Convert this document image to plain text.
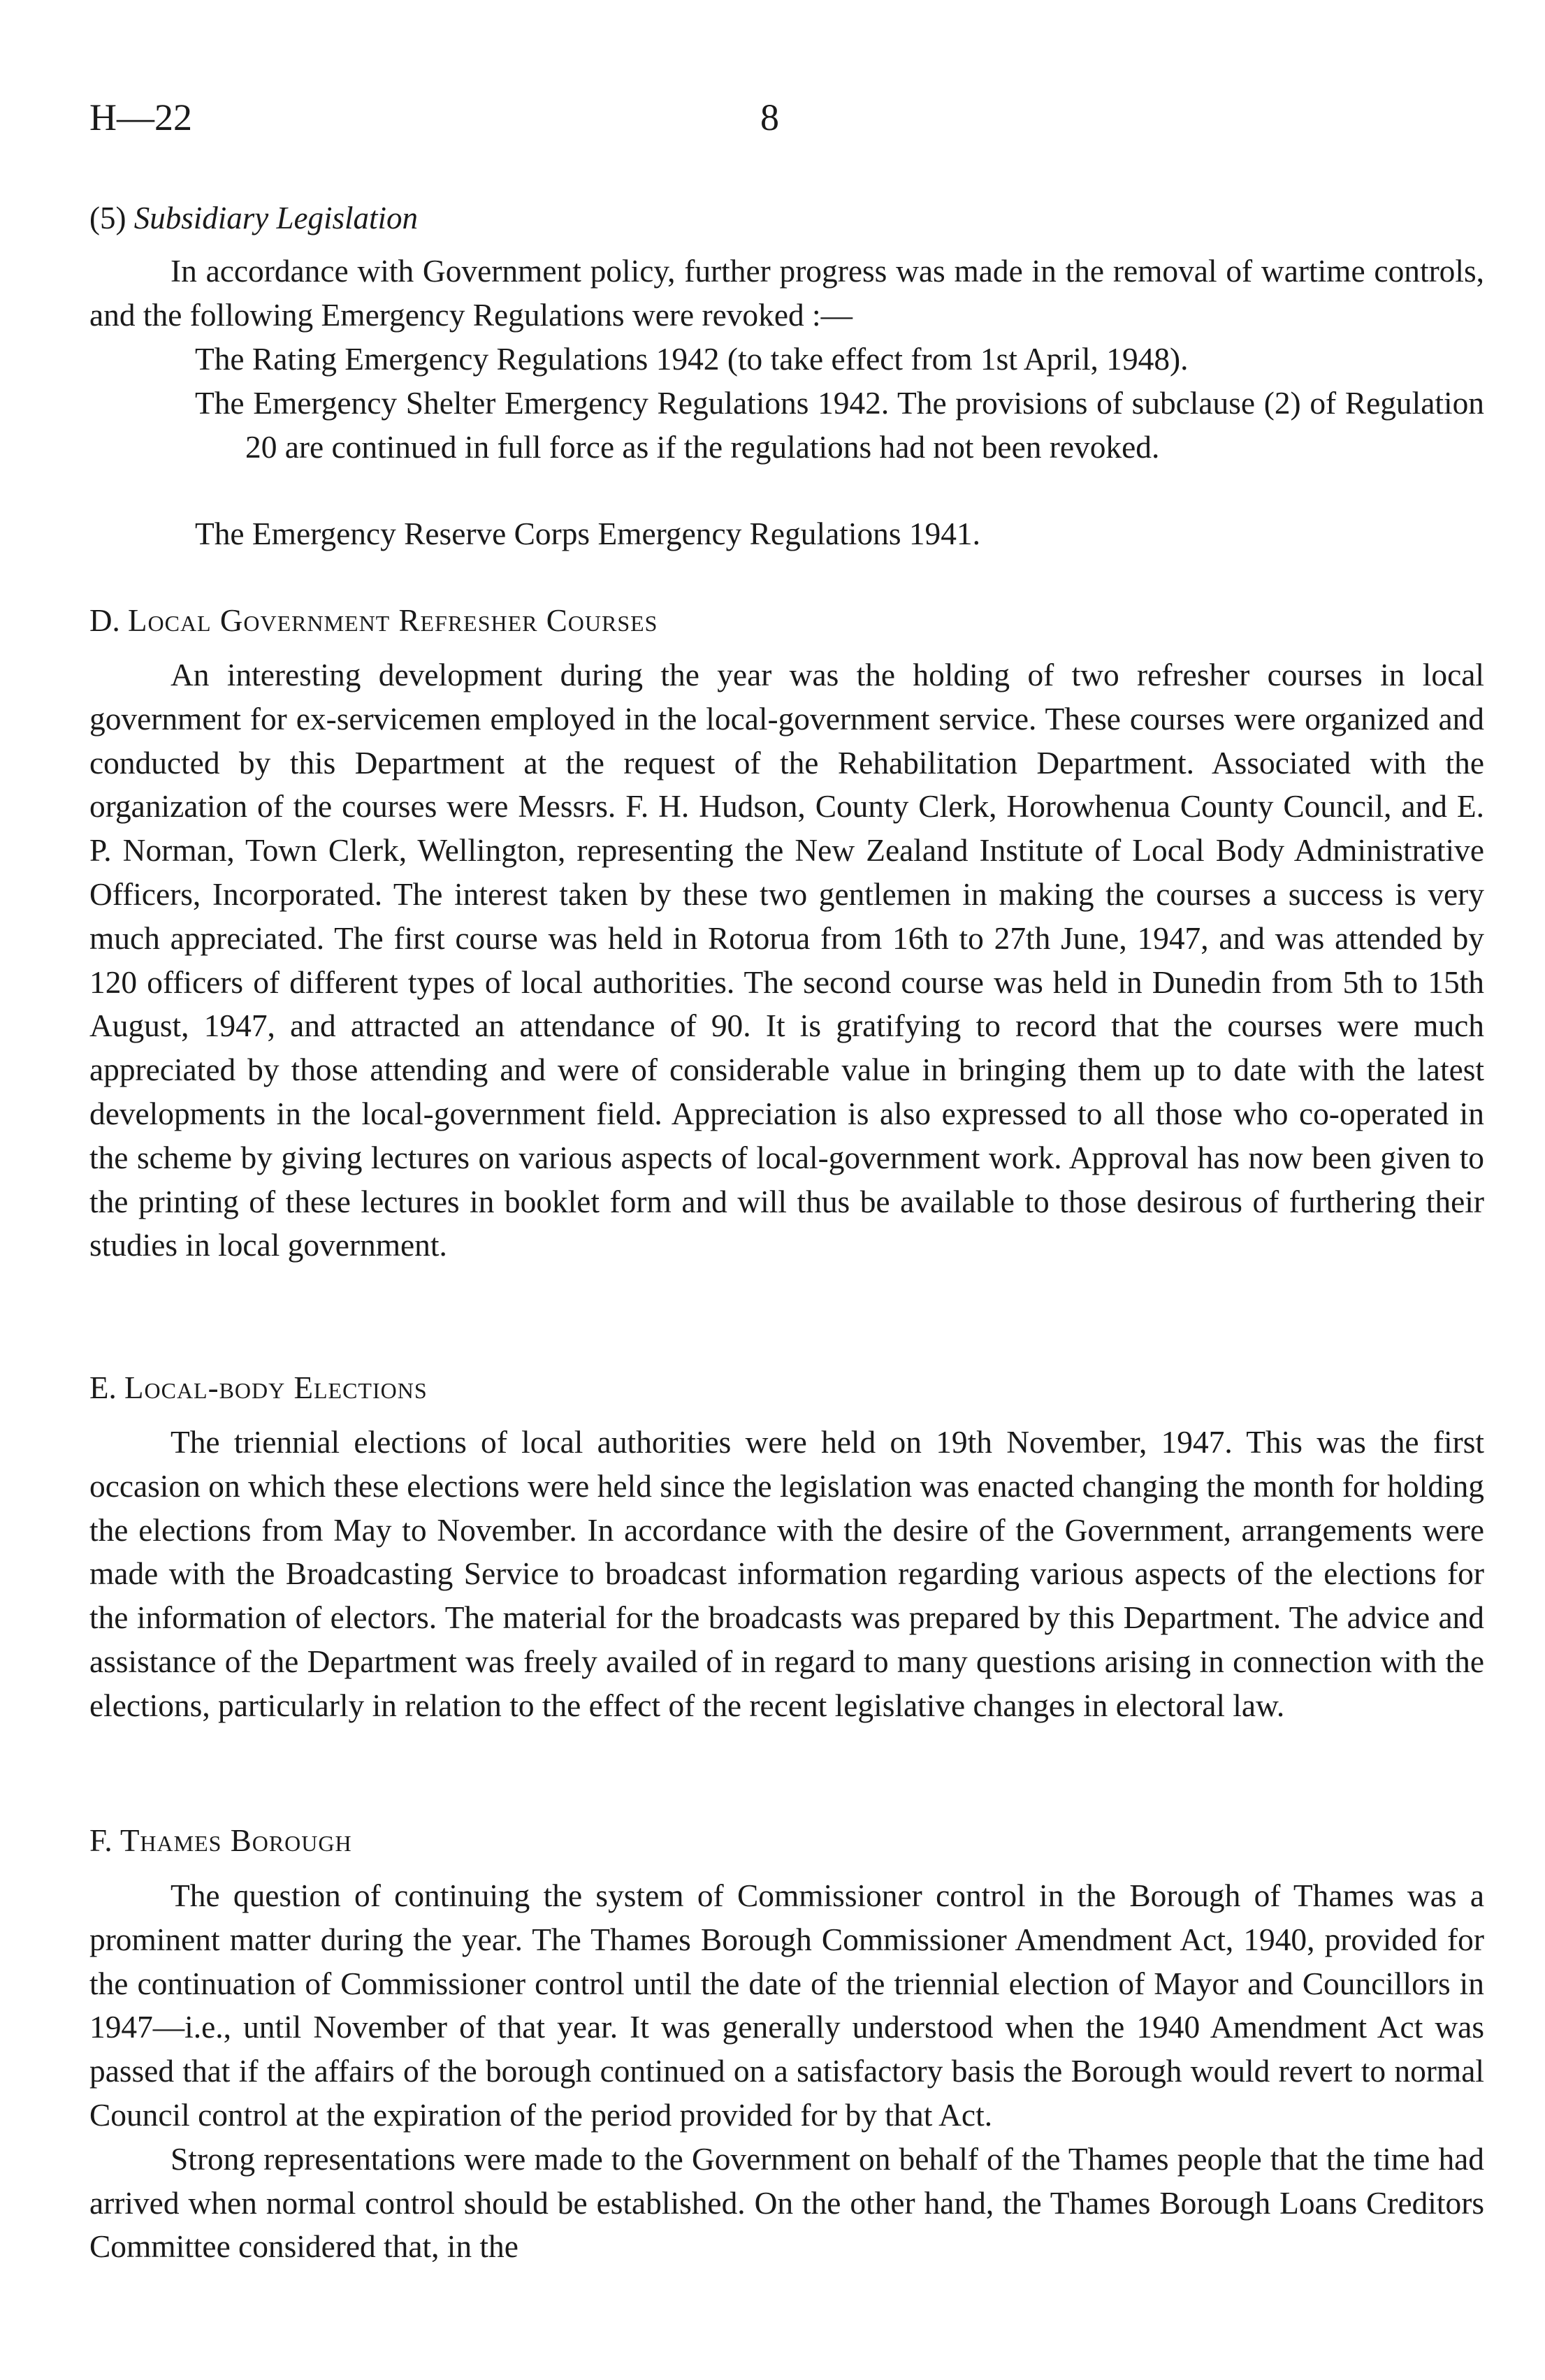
H—22	8
(5) Subsidiary Legislation

In accordance with Government policy, further progress was made in the removal of wartime controls, and the following Emergency Regulations were revoked :—

The Rating Emergency Regulations 1942 (to take effect from 1st April, 1948).
The Emergency Shelter Emergency Regulations 1942. The provisions of subclause (2) of Regulation 20 are continued in full force as if the regulations had not been revoked.
The Emergency Reserve Corps Emergency Regulations 1941.
D. Local Government Refresher Courses

An interesting development during the year was the holding of two refresher courses in local government for ex-servicemen employed in the local-government service. These courses were organized and conducted by this Department at the request of the Rehabilitation Department. Associated with the organization of the courses were Messrs. F. H. Hudson, County Clerk, Horowhenua County Council, and E. P. Norman, Town Clerk, Wellington, representing the New Zealand Institute of Local Body Administrative Officers, Incorporated. The interest taken by these two gentlemen in making the courses a success is very much appreciated. The first course was held in Rotorua from 16th to 27th June, 1947, and was attended by 120 officers of different types of local authorities. The second course was held in Dunedin from 5th to 15th August, 1947, and attracted an attendance of 90. It is gratifying to record that the courses were much appreciated by those attending and were of considerable value in bringing them up to date with the latest developments in the local-government field. Appreciation is also expressed to all those who co-operated in the scheme by giving lectures on various aspects of local-government work. Approval has now been given to the printing of these lectures in booklet form and will thus be available to those desirous of furthering their studies in local government.

E. Local-body Elections

The triennial elections of local authorities were held on 19th November, 1947. This was the first occasion on which these elections were held since the legislation was enacted changing the month for holding the elections from May to November. In accordance with the desire of the Government, arrangements were made with the Broadcasting Service to broadcast information regarding various aspects of the elections for the information of electors. The material for the broadcasts was prepared by this Department. The advice and assistance of the Department was freely availed of in regard to many questions arising in connection with the elections, particularly in relation to the effect of the recent legislative changes in electoral law.

F. Thames Borough

The question of continuing the system of Commissioner control in the Borough of Thames was a prominent matter during the year. The Thames Borough Commissioner Amendment Act, 1940, provided for the continuation of Commissioner control until the date of the triennial election of Mayor and Councillors in 1947—i.e., until November of that year. It was generally understood when the 1940 Amendment Act was passed that if the affairs of the borough continued on a satisfactory basis the Borough would revert to normal Council control at the expiration of the period provided for by that Act.

Strong representations were made to the Government on behalf of the Thames people that the time had arrived when normal control should be established. On the other hand, the Thames Borough Loans Creditors Committee considered that, in the
